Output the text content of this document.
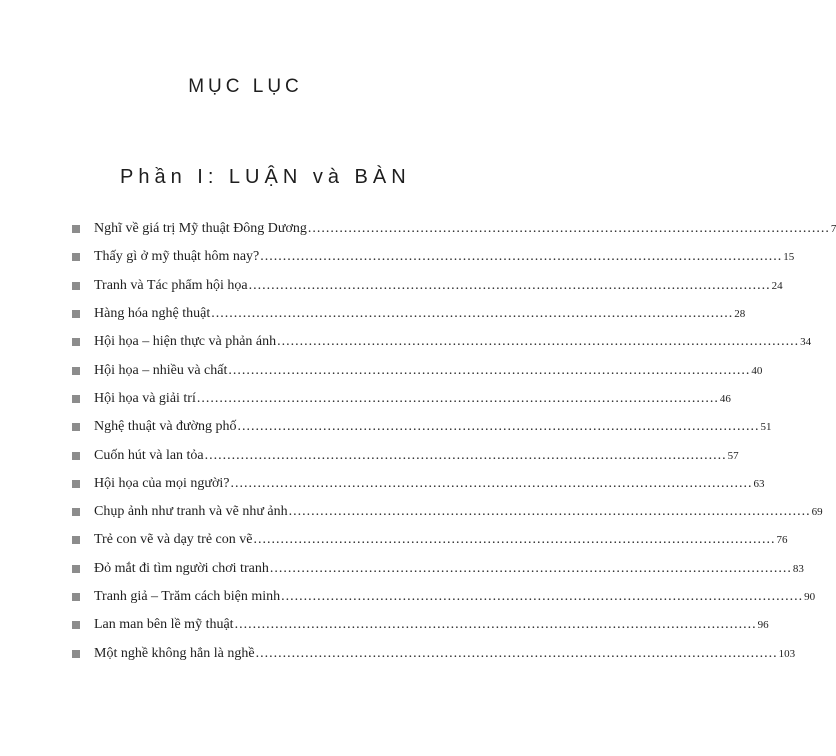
MỤC LỤC
Phần I: LUẬN và BÀN
Nghĩ về giá trị Mỹ thuật Đông Dương .....	7
Thấy gì ở mỹ thuật hôm nay? .....	15
Tranh và Tác phẩm hội họa .....	24
Hàng hóa nghệ thuật .....	28
Hội họa – hiện thực và phản ánh .....	34
Hội họa – nhiều và chất .....	40
Hội họa và giải trí .....	46
Nghệ thuật và đường phố .....	51
Cuốn hút và lan tỏa .....	57
Hội họa của mọi người? .....	63
Chụp ảnh như tranh và vẽ như ảnh .....	69
Trẻ con vẽ và dạy trẻ con vẽ .....	76
Đỏ mắt đi tìm người chơi tranh .....	83
Tranh giả – Trăm cách biện minh .....	90
Lan man bên lề mỹ thuật .....	96
Một nghề không hẳn là nghề .....	103
